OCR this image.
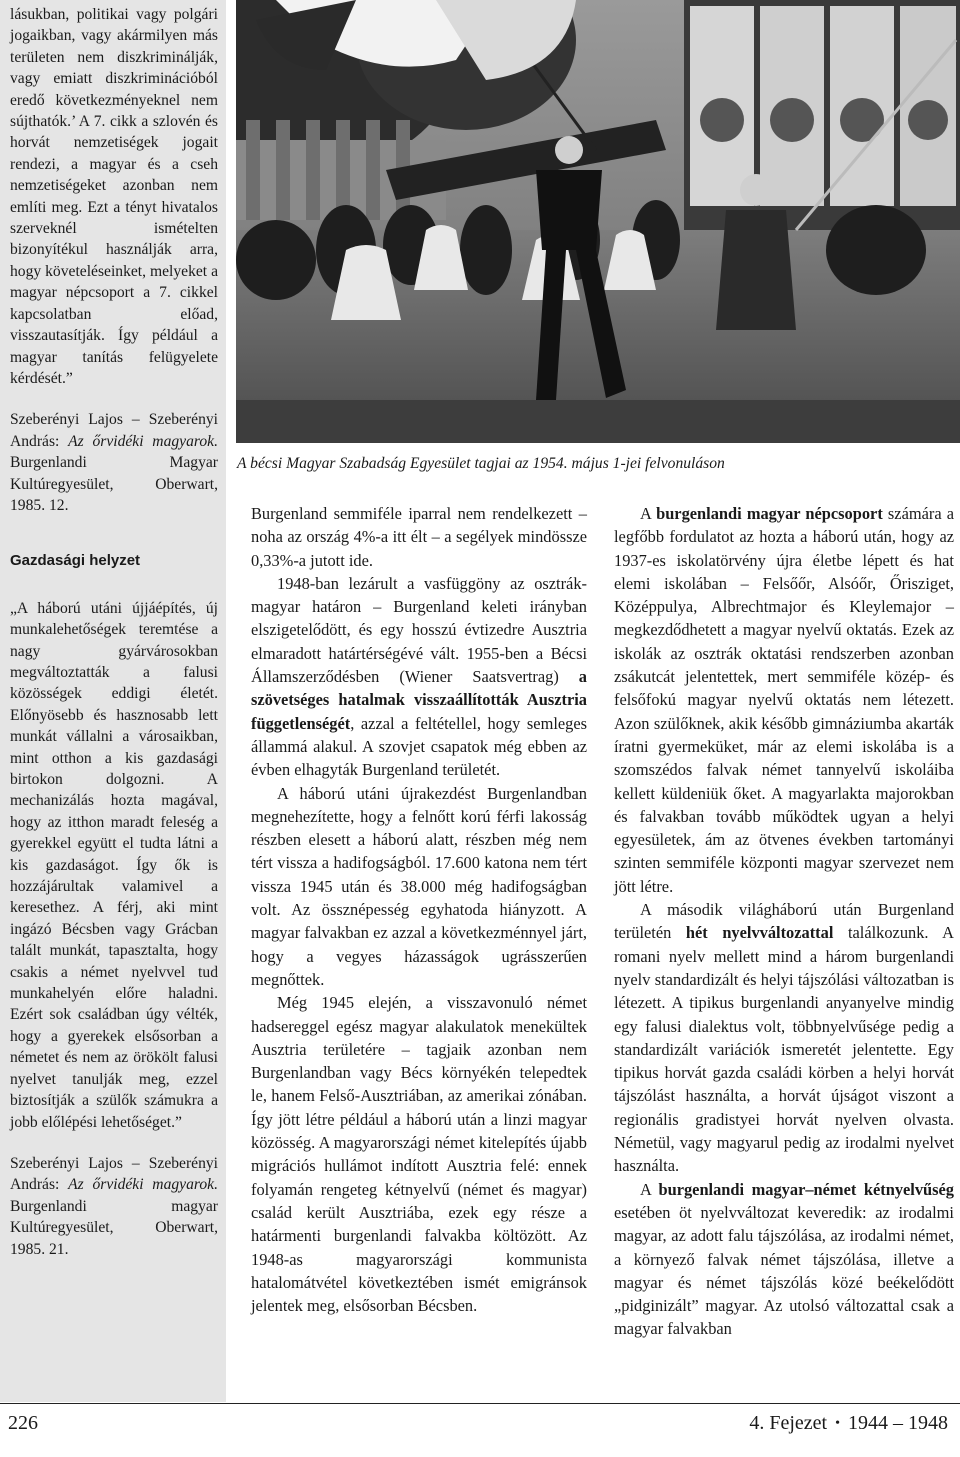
lásukban, politikai vagy polgári jogaikban, vagy akármilyen más területen nem diszkriminálják, vagy emiatt diszkriminációból eredő következményeknel nem sújthatók.’ A 7. cikk a szlovén és horvát nemzetiségek jogait rendezi, a magyar és a cseh nemzetiségeket azonban nem említi meg. Ezt a tényt hivatalos szerveknél ismételten bizonyítékul használják arra, hogy követeléseinket, melyeket a magyar népcsoport a 7. cikkel kapcsolatban előad, visszautasítják. Így például a magyar tanítás felügyelete kérdését.”

Szeberényi Lajos – Szeberényi András: Az őrvidéki magyarok. Burgenlandi Magyar Kultúregyesület, Oberwart, 1985. 12.

Gazdasági helyzet

„A háború utáni újjáépítés, új munkalehetőségek teremtése a nagy gyárvárosokban megváltoztatták a falusi közösségek eddigi életét. Előnyösebb és hasznosabb lett munkát vállalni a városaikban, mint otthon a kis gazdasági birtokon dolgozni. A mechanizálás hozta magával, hogy az itthon maradt feleség a gyerekkel együtt el tudta látni a kis gazdaságot. Így ők is hozzájárultak valamivel a keresethez. A férj, aki mint ingázó Bécsben vagy Grácban talált munkát, tapasztalta, hogy csakis a német nyelvvel tud munkahelyén előre haladni. Ezért sok családban úgy vélték, hogy a gyerekek elsősorban a németet és nem az örökölt falusi nyelvet tanulják meg, ezzel biztosítják a szülők számukra a jobb előlépési lehetőséget.”

Szeberényi Lajos – Szeberényi András: Az őrvidéki magyarok. Burgenlandi magyar Kultúregyesület, Oberwart, 1985. 21.

A bécsi Magyar Szabadság Egyesület tagjai az 1954. május 1-jei felvonuláson

Burgenland semmiféle iparral nem rendelkezett – noha az ország 4%-a itt élt – a segélyek mindössze 0,33%-a jutott ide.

1948-ban lezárult a vasfüggöny az osztrák-magyar határon – Burgenland keleti irányban elszigetelődött, és egy hosszú évtizedre Ausztria elmaradott határtérségévé vált. 1955-ben a Bécsi Államszerződésben (Wiener Saatsvertrag) a szövetséges hatalmak visszaállították Ausztria függetlenségét, azzal a feltétellel, hogy semleges állammá alakul. A szovjet csapatok még ebben az évben elhagyták Burgenland területét.

A háború utáni újrakezdést Burgenlandban megnehezítette, hogy a felnőtt korú férfi lakosság részben elesett a háború alatt, részben még nem tért vissza a hadifogságból. 17.600 katona nem tért vissza 1945 után és 38.000 még hadifogságban volt. Az össznépesség egyhatoda hiányzott. A magyar falvakban ez azzal a következménnyel járt, hogy a vegyes házasságok ugrásszerűen megnőttek.

Még 1945 elején, a visszavonuló német hadsereggel egész magyar alakulatok menekültek Ausztria területére – tagjaik azonban nem Burgenlandban vagy Bécs környékén telepedtek le, hanem Felső-Ausztriában, az amerikai zónában. Így jött létre például a háború után a linzi magyar közösség. A magyarországi német kitelepítés újabb migrációs hullámot indított Ausztria felé: ennek folyamán rengeteg kétnyelvű (német és magyar) család került Ausztriába, ezek egy része a határmenti burgenlandi falvakba költözött. Az 1948-as magyarországi kommunista hatalomátvétel következtében ismét emigránsok jelentek meg, elsősorban Bécsben.

A burgenlandi magyar népcsoport számára a legfőbb fordulatot az hozta a háború után, hogy az 1937-es iskolatörvény újra életbe lépett és hat elemi iskolában – Felsőőr, Alsóőr, Őrisziget, Középpulya, Albrechtmajor és Kleylemajor – megkezdődhetett a magyar nyelvű oktatás. Ezek az iskolák az osztrák oktatási rendszerben azonban zsákutcát jelentettek, mert semmiféle közép- és felsőfokú magyar nyelvű oktatás nem létezett. Azon szülőknek, akik később gimnáziumba akarták íratni gyermeküket, már az elemi iskolába is a szomszédos falvak német tannyelvű iskoláiba kellett küldeniük őket. A magyarlakta majorokban és falvakban tovább működtek ugyan a helyi egyesületek, ám az ötvenes években tartományi szinten semmiféle központi magyar szervezet nem jött létre.

A második világháború után Burgenland területén hét nyelvváltozattal találkozunk. A romani nyelv mellett mind a három burgenlandi nyelv standardizált és helyi tájszólási változatban is létezett. A tipikus burgenlandi anyanyelve mindig egy falusi dialektus volt, többnyelvűsége pedig a standardizált variációk ismeretét jelentette. Egy tipikus horvát gazda családi körben a helyi horvát tájszólást használta, a horvát újságot viszont a regionális gradistyei horvát nyelven olvasta. Németül, vagy magyarul pedig az irodalmi nyelvet használta.

A burgenlandi magyar–német kétnyelvűség esetében öt nyelvváltozat keveredik: az irodalmi magyar, az adott falu tájszólása, az irodalmi német, a környező falvak német tájszólása, illetve a magyar és német tájszólás közé beékelődött „pidginizált” magyar. Az utolsó változattal csak a magyar falvakban

226	4. Fejezet • 1944 – 1948
